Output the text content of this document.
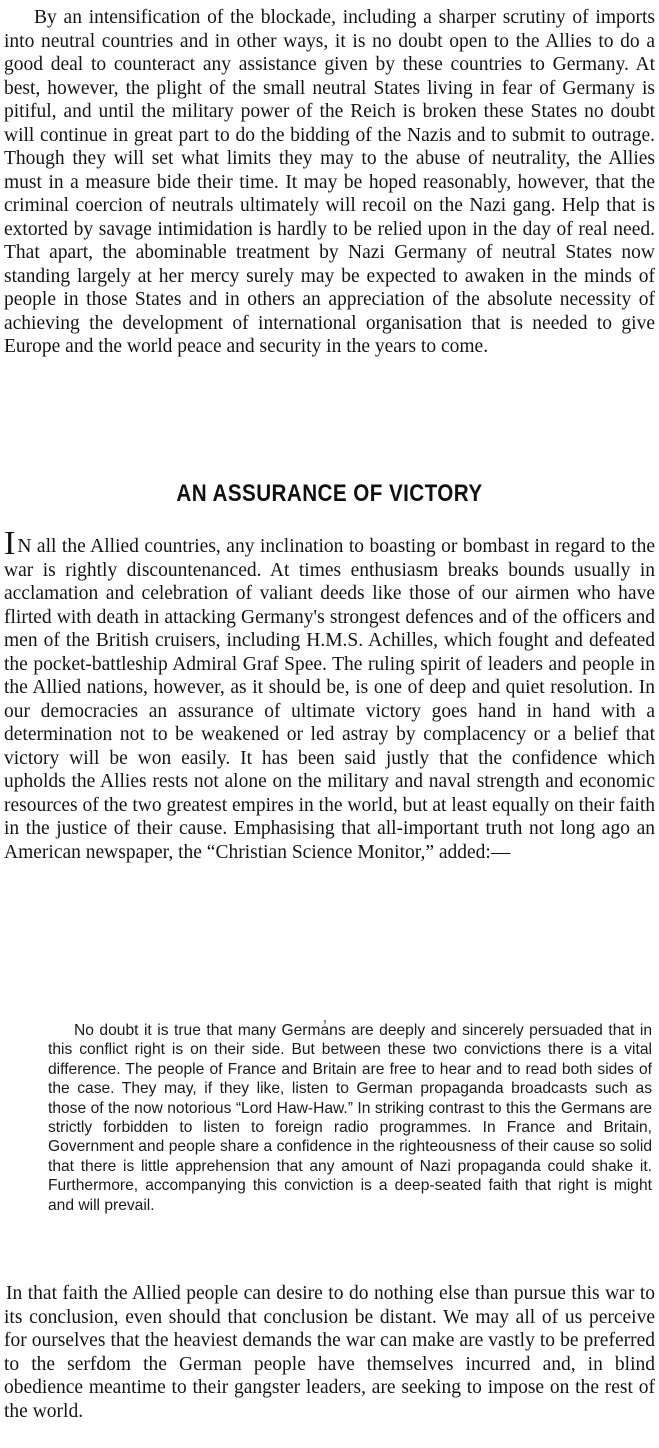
By an intensification of the blockade, including a sharper scrutiny of imports into neutral countries and in other ways, it is no doubt open to the Allies to do a good deal to counteract any assistance given by these countries to Germany. At best, however, the plight of the small neutral States living in fear of Germany is pitiful, and until the military power of the Reich is broken these States no doubt will continue in great part to do the bidding of the Nazis and to submit to outrage. Though they will set what limits they may to the abuse of neutrality, the Allies must in a measure bide their time. It may be hoped reasonably, however, that the criminal coercion of neutrals ultimately will recoil on the Nazi gang. Help that is extorted by savage intimidation is hardly to be relied upon in the day of real need. That apart, the abominable treatment by Nazi Germany of neutral States now standing largely at her mercy surely may be expected to awaken in the minds of people in those States and in others an appreciation of the absolute necessity of achieving the development of international organisation that is needed to give Europe and the world peace and security in the years to come.

AN ASSURANCE OF VICTORY

I N all the Allied countries, any inclination to boasting or bombast in regard to the war is rightly discountenanced. At times enthusiasm breaks bounds usually in acclamation and celebration of valiant deeds like those of our airmen who have flirted with death in attacking Germany's strongest defences and of the officers and men of the British cruisers, including H.M.S. Achilles, which fought and defeated the pocket-battleship Admiral Graf Spee. The ruling spirit of leaders and people in the Allied nations, however, as it should be, is one of deep and quiet resolution. In our democracies an assurance of ultimate victory goes hand in hand with a determination not to be weakened or led astray by complacency or a belief that victory will be won easily. It has been said justly that the confidence which upholds the Allies rests not alone on the military and naval strength and economic resources of the two greatest empires in the world, but at least equally on their faith in the justice of their cause. Emphasising that all-important truth not long ago an American newspaper, the “Christian Science Monitor,” added:—

,

No doubt it is true that many Germans are deeply and sincerely persuaded that in this conflict right is on their side. But between these two convictions there is a vital difference. The people of France and Britain are free to hear and to read both sides of the case. They may, if they like, listen to German propaganda broadcasts such as those of the now notorious “Lord Haw-Haw.” In striking contrast to this the Germans are strictly forbidden to listen to foreign radio programmes. In France and Britain, Government and people share a confidence in the righteousness of their cause so solid that there is little apprehension that any amount of Nazi propaganda could shake it. Furthermore, accompanying this conviction is a deep-seated faith that right is might and will prevail.

In that faith the Allied people can desire to do nothing else than pursue this war to its conclusion, even should that conclusion be distant. We may all of us perceive for ourselves that the heaviest demands the war can make are vastly to be preferred to the serfdom the German people have themselves incurred and, in blind obedience meantime to their gangster leaders, are seeking to impose on the rest of the world.
